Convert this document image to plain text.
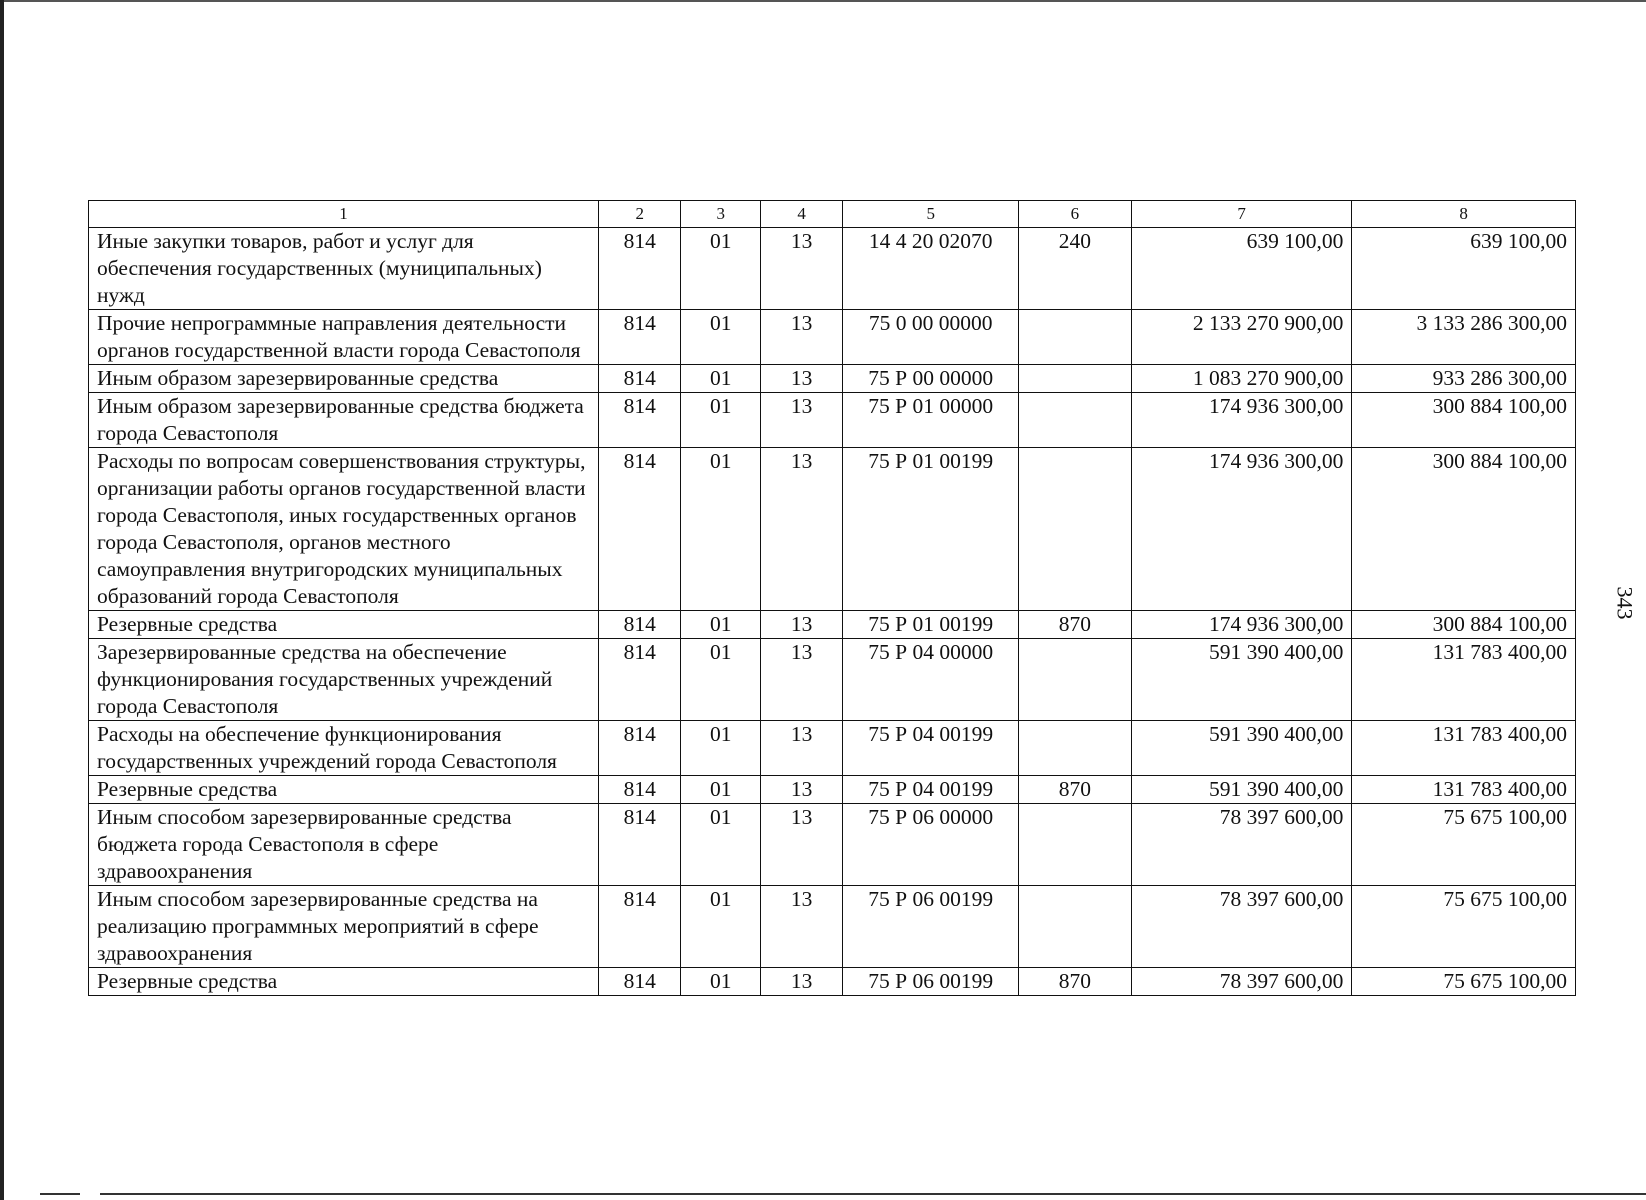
343
1	2	3	4	5	6	7	8
Иные закупки товаров, работ и услуг для обеспечения государственных (муниципальных) нужд	814	01	13	14 4 20 02070	240	639 100,00	639 100,00
Прочие непрограммные направления деятельности органов государственной власти города Севастополя	814	01	13	75 0 00 00000		2 133 270 900,00	3 133 286 300,00
Иным образом зарезервированные средства	814	01	13	75 Р 00 00000		1 083 270 900,00	933 286 300,00
Иным образом зарезервированные средства бюджета города Севастополя	814	01	13	75 Р 01 00000		174 936 300,00	300 884 100,00
Расходы по вопросам совершенствования структуры, организации работы органов государственной власти города Севастополя, иных государственных органов города Севастополя, органов местного самоуправления внутригородских муниципальных образований города Севастополя	814	01	13	75 Р 01 00199		174 936 300,00	300 884 100,00
Резервные средства	814	01	13	75 Р 01 00199	870	174 936 300,00	300 884 100,00
Зарезервированные средства на обеспечение функционирования государственных учреждений города Севастополя	814	01	13	75 Р 04 00000		591 390 400,00	131 783 400,00
Расходы на обеспечение функционирования государственных учреждений города Севастополя	814	01	13	75 Р 04 00199		591 390 400,00	131 783 400,00
Резервные средства	814	01	13	75 Р 04 00199	870	591 390 400,00	131 783 400,00
Иным способом зарезервированные средства бюджета города Севастополя в сфере здравоохранения	814	01	13	75 Р 06 00000		78 397 600,00	75 675 100,00
Иным способом зарезервированные средства на реализацию программных мероприятий в сфере здравоохранения	814	01	13	75 Р 06 00199		78 397 600,00	75 675 100,00
Резервные средства	814	01	13	75 Р 06 00199	870	78 397 600,00	75 675 100,00
